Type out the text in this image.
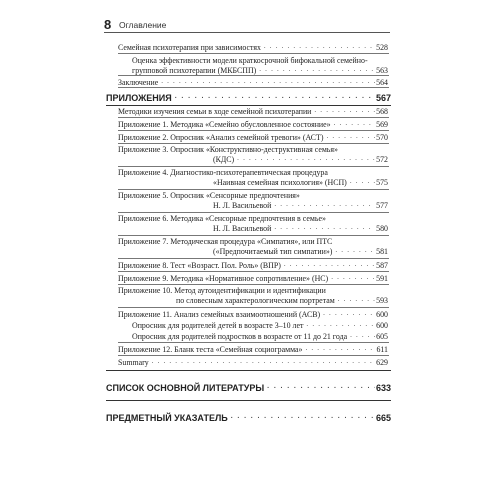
8 Оглавление
Семейная психотерапия при зависимостях . . .	528
Оценка эффективности модели краткосрочной бифокальной семейно-
групповой психотерапии (МКБСПП) . . .	563
Заключение . . .	564
ПРИЛОЖЕНИЯ . . .	567
Методики изучения семьи в ходе семейной психотерапии . . .	568
Приложение 1. Методика «Семейно обусловленное состояние» . . .	569
Приложение 2. Опросник «Анализ семейной тревоги» (АСТ) . . .	570
Приложение 3. Опросник «Конструктивно-деструктивная семья»
(КДС) . . .	572
Приложение 4. Диагностико-психотерапевтическая процедура
«Наивная семейная психология» (НСП) . . .	575
Приложение 5. Опросник «Сенсорные предпочтения»
Н. Л. Васильевой . . .	577
Приложение 6. Методика «Сенсорные предпочтения в семье»
Н. Л. Васильевой . . .	580
Приложение 7. Методическая процедура «Симпатия», или ПТС
(«Предпочитаемый тип симпатии») . . .	581
Приложение 8. Тест «Возраст. Пол. Роль» (ВПР) . . .	587
Приложение 9. Методика «Нормативное сопротивление» (НС) . . .	591
Приложение 10. Метод аутоидентификации и идентификации
по словесным характерологическим портретам . . .	593
Приложение 11. Анализ семейных взаимоотношений (АСВ) . . .	600
Опросник для родителей детей в возрасте 3–10 лет . . .	600
Опросник для родителей подростков в возрасте от 11 до 21 года . . .	605
Приложение 12. Бланк теста «Семейная социограмма» . . .	611
Summary . . .	629
СПИСОК ОСНОВНОЙ ЛИТЕРАТУРЫ . . .	633
ПРЕДМЕТНЫЙ УКАЗАТЕЛЬ . . .	665
